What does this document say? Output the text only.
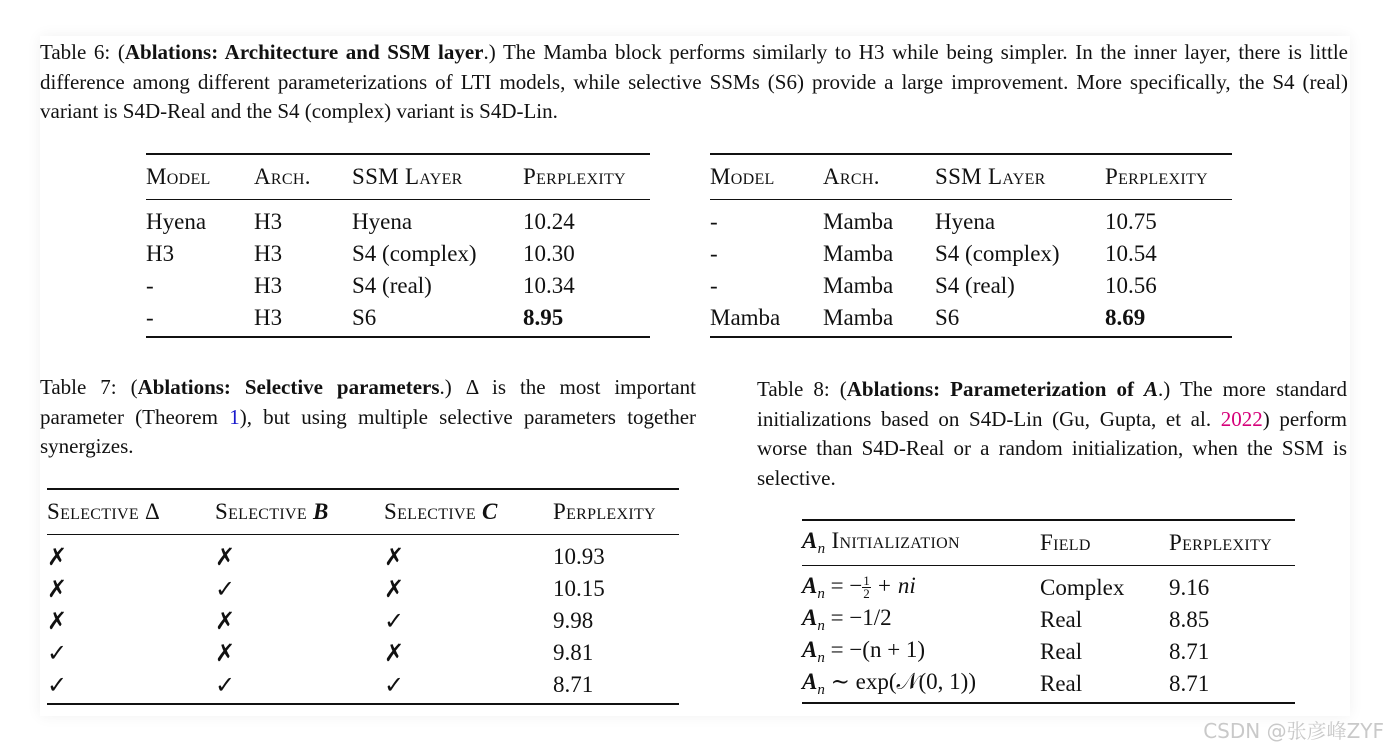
Table 6: (Ablations: Architecture and SSM layer.) The Mamba block performs similarly to H3 while being simpler. In the inner layer, there is little difference among different parameterizations of LTI models, while selective SSMs (S6) provide a large improvement. More specifically, the S4 (real) variant is S4D-Real and the S4 (complex) variant is S4D-Lin.

Model	Arch.	SSM Layer	Perplexity
Hyena	H3	Hyena	10.24
H3	H3	S4 (complex)	10.30
-	H3	S4 (real)	10.34
-	H3	S6	8.95
Model	Arch.	SSM Layer	Perplexity
-	Mamba	Hyena	10.75
-	Mamba	S4 (complex)	10.54
-	Mamba	S4 (real)	10.56
Mamba	Mamba	S6	8.69

Table 7: (Ablations: Selective parameters.) Δ is the most important parameter (Theorem 1), but using multiple selective parameters together synergizes.

Selective Δ	Selective B	Selective C	Perplexity
✗	✗	✗	10.93
✗	✓	✗	10.15
✗	✗	✓	9.98
✓	✗	✗	9.81
✓	✓	✓	8.71

Table 8: (Ablations: Parameterization of A.) The more standard initializations based on S4D-Lin (Gu, Gupta, et al. 2022) perform worse than S4D-Real or a random initialization, when the SSM is selective.

$A_n$ Initialization	Field	Perplexity
$A_n$ = − $\frac{1}{2}$ + ni	Complex	9.16
$A_n = -1/2$	Real	8.85
$A_n = -(n + 1)$	Real	8.71
$A_n$ ∼ exp(𝒩(0, 1))	Real	8.71
CSDN @张彦峰ZYF
